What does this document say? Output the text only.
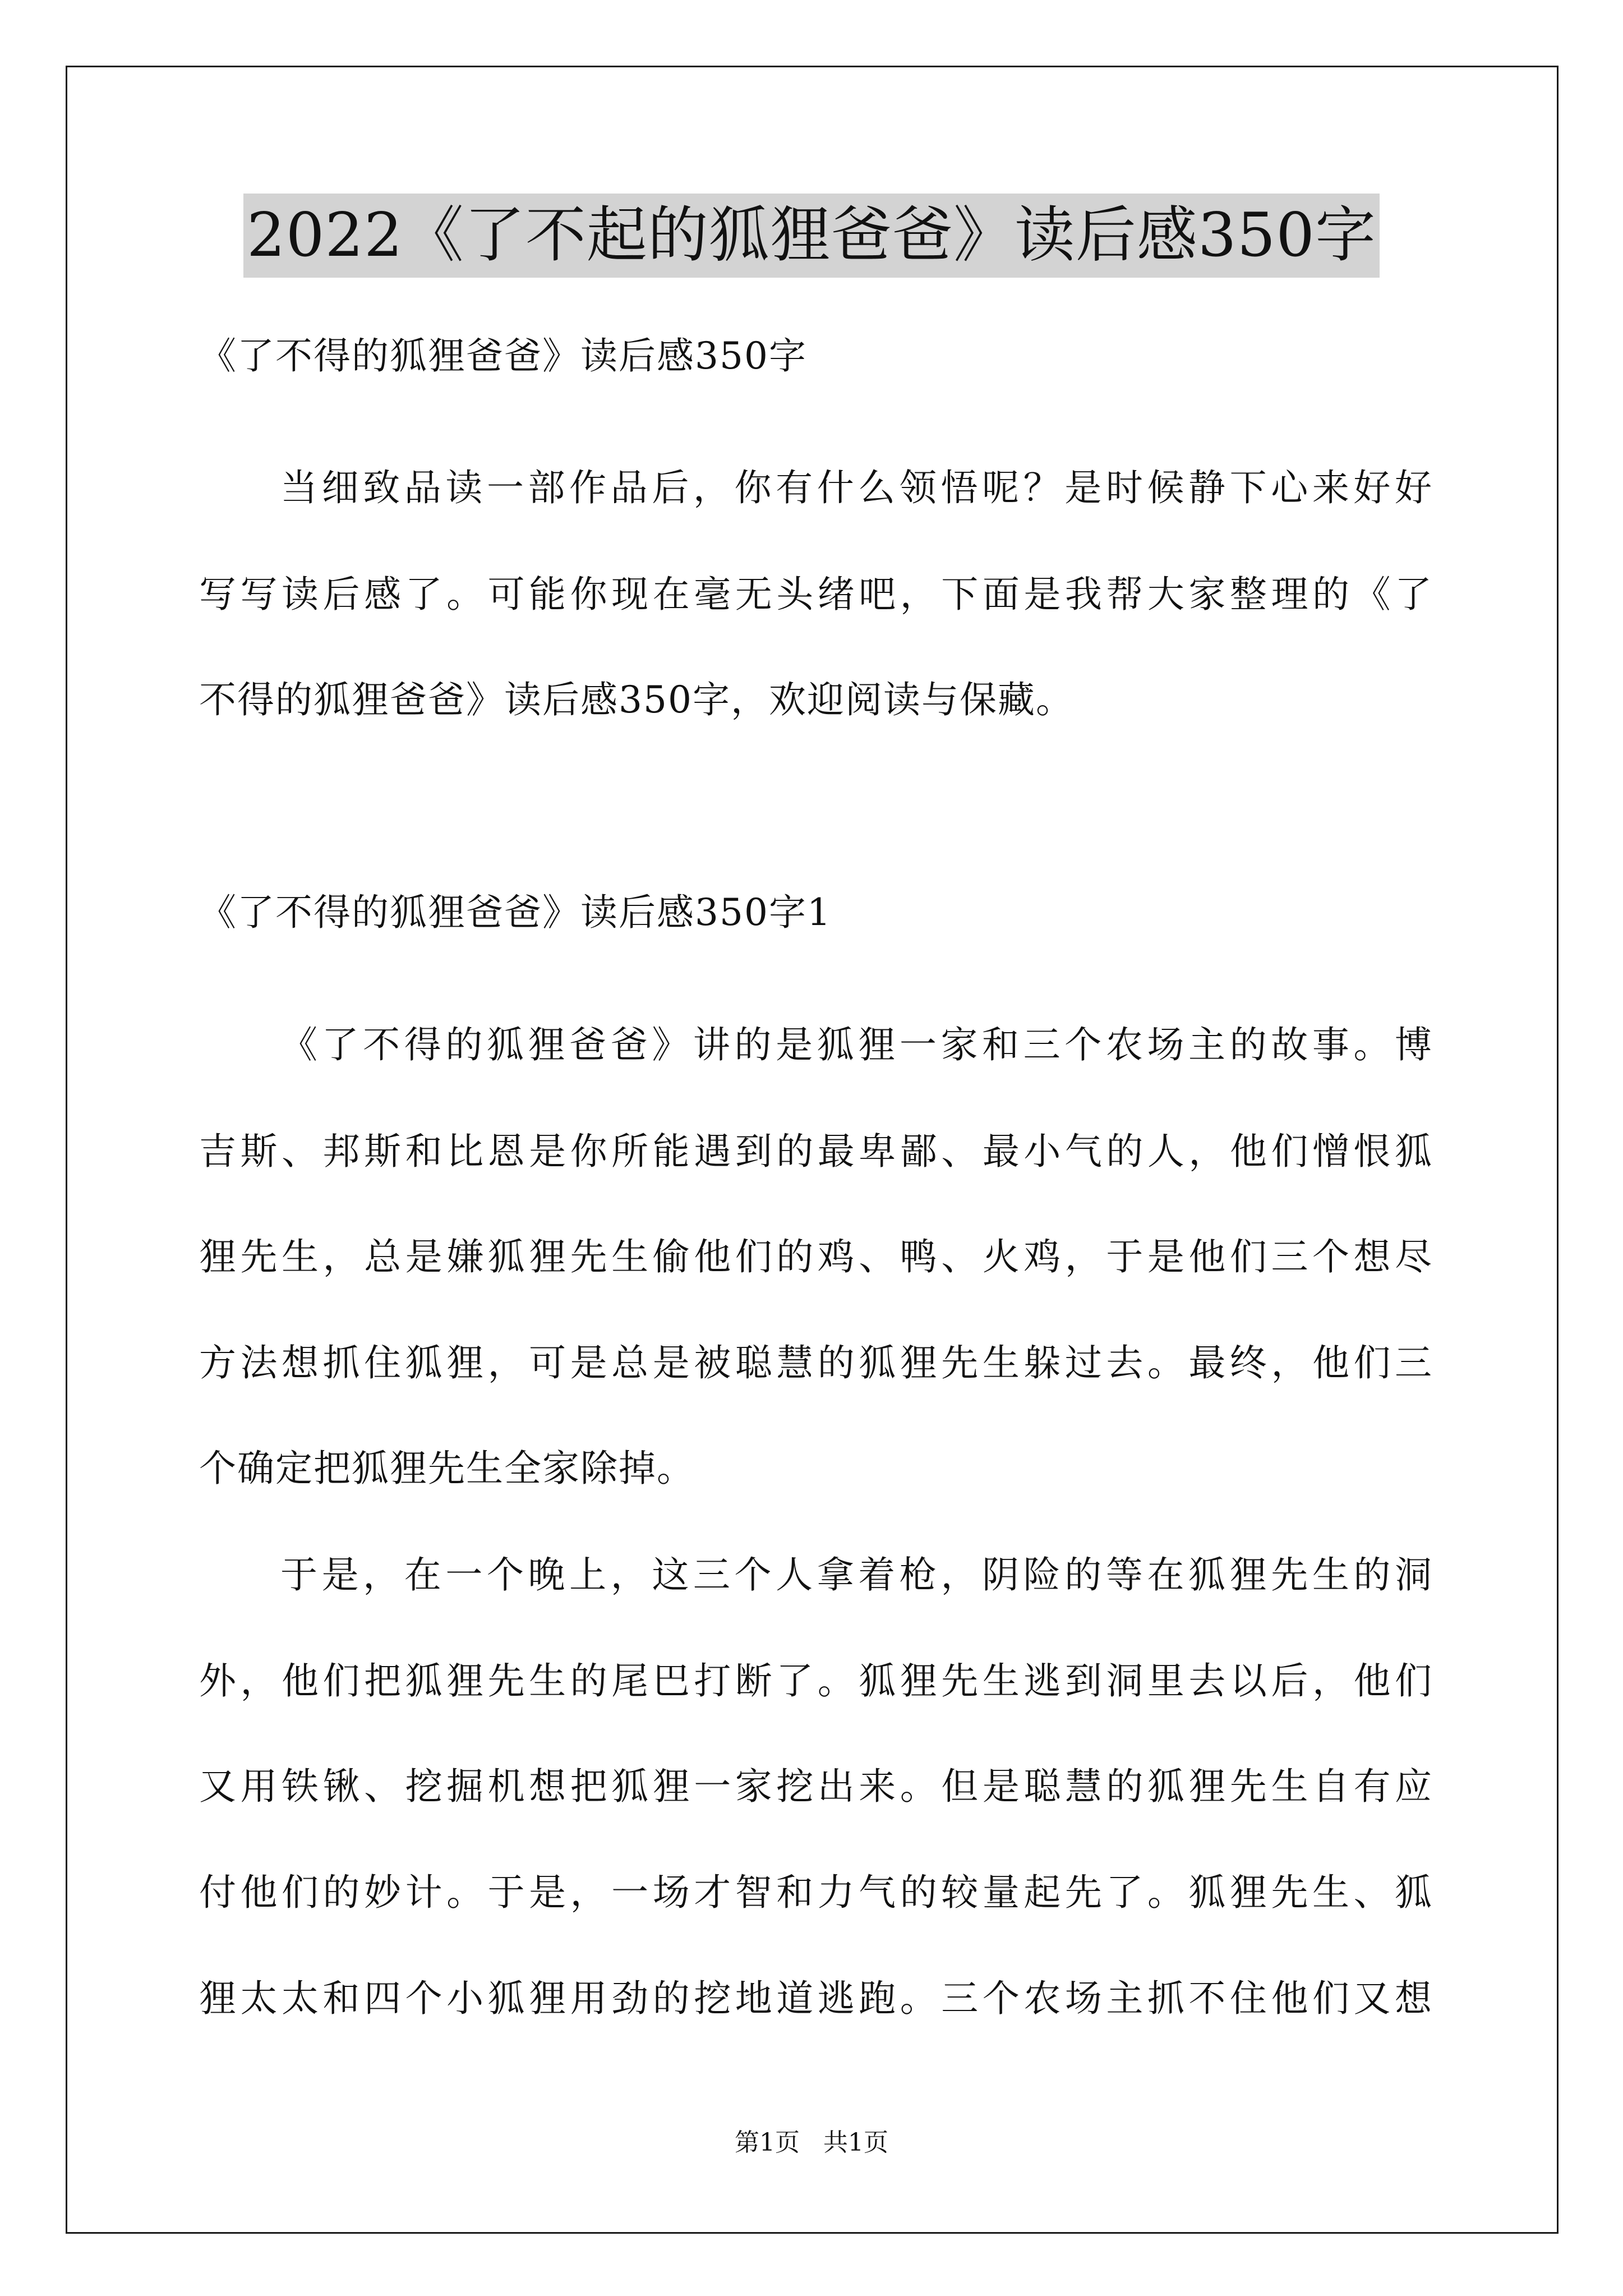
2022《了不起的狐狸爸爸》读后感350字
《了不得的狐狸爸爸》读后感350字
当细致品读一部作品后，你有什么领悟呢？是时候静下心来好好
写写读后感了。可能你现在毫无头绪吧，下面是我帮大家整理的《了
不得的狐狸爸爸》读后感350字，欢迎阅读与保藏。
《了不得的狐狸爸爸》读后感350字1
《了不得的狐狸爸爸》讲的是狐狸一家和三个农场主的故事。博
吉斯、邦斯和比恩是你所能遇到的最卑鄙、最小气的人，他们憎恨狐
狸先生，总是嫌狐狸先生偷他们的鸡、鸭、火鸡，于是他们三个想尽
方法想抓住狐狸，可是总是被聪慧的狐狸先生躲过去。最终，他们三
个确定把狐狸先生全家除掉。
于是，在一个晚上，这三个人拿着枪，阴险的等在狐狸先生的洞
外，他们把狐狸先生的尾巴打断了。狐狸先生逃到洞里去以后，他们
又用铁锹、挖掘机想把狐狸一家挖出来。但是聪慧的狐狸先生自有应
付他们的妙计。于是，一场才智和力气的较量起先了。狐狸先生、狐
狸太太和四个小狐狸用劲的挖地道逃跑。三个农场主抓不住他们又想
第1页   共1页
